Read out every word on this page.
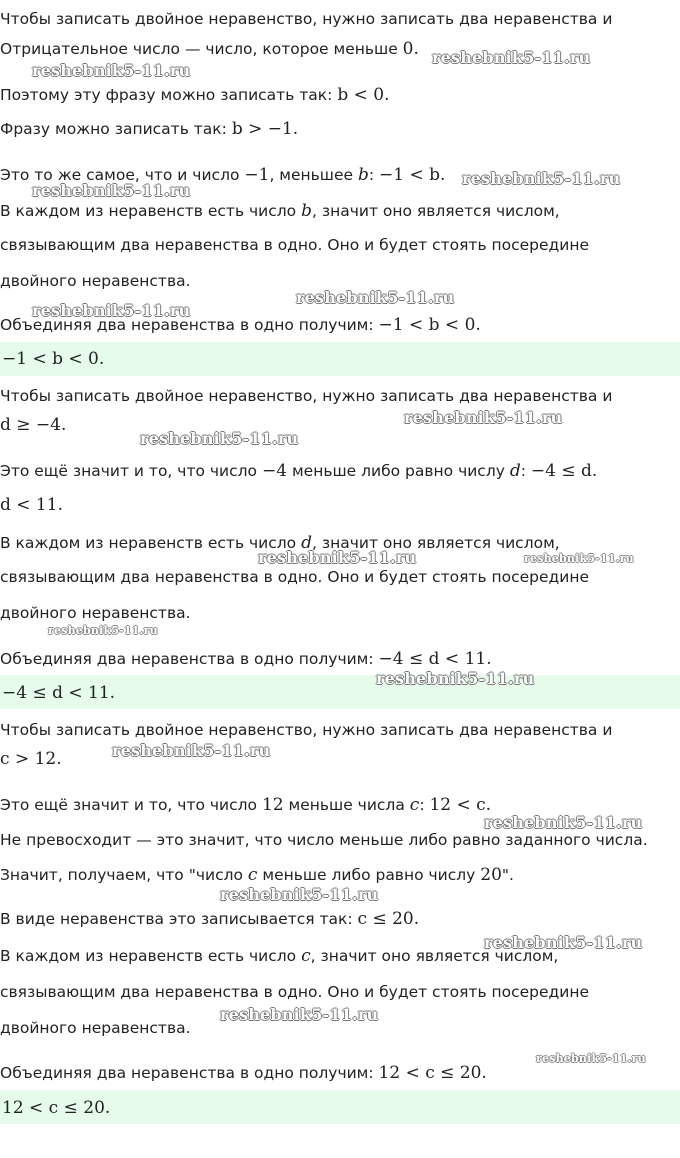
Чтобы записать двойное неравенство, нужно записать два неравенства и
Отрицательное число — число, которое меньше 0.
Поэтому эту фразу можно записать так: b < 0.
Фразу можно записать так: b > −1.
Это то же самое, что и число −1, меньшее b: −1 < b.
В каждом из неравенств есть число b, значит оно является числом,
связывающим два неравенства в одно. Оно и будет стоять посередине
двойного неравенства.
Объединяя два неравенства в одно получим: −1 < b < 0.
−1 < b < 0.
Чтобы записать двойное неравенство, нужно записать два неравенства и
d ≥ −4.
Это ещё значит и то, что число −4 меньше либо равно числу d: −4 ≤ d.
d < 11.
В каждом из неравенств есть число d, значит оно является числом,
связывающим два неравенства в одно. Оно и будет стоять посередине
двойного неравенства.
Объединяя два неравенства в одно получим: −4 ≤ d < 11.
−4 ≤ d < 11.
Чтобы записать двойное неравенство, нужно записать два неравенства и
c > 12.
Это ещё значит и то, что число 12 меньше числа c: 12 < c.
Не превосходит — это значит, что число меньше либо равно заданного числа.
Значит, получаем, что "число c меньше либо равно числу 20".
В виде неравенства это записывается так: c ≤ 20.
В каждом из неравенств есть число c, значит оно является числом,
связывающим два неравенства в одно. Оно и будет стоять посередине
двойного неравенства.
Объединяя два неравенства в одно получим: 12 < c ≤ 20.
12 < c ≤ 20.
reshebnik5-11.ru
reshebnik5-11.ru
reshebnik5-11.ru
reshebnik5-11.ru
reshebnik5-11.ru
reshebnik5-11.ru
reshebnik5-11.ru
reshebnik5-11.ru
reshebnik5-11.ru	reshebnik5-11.ru
reshebnik5-11.ru
reshebnik5-11.ru
reshebnik5-11.ru
reshebnik5-11.ru
reshebnik5-11.ru
reshebnik5-11.ru
reshebnik5-11.ru
reshebnik5-11.ru
